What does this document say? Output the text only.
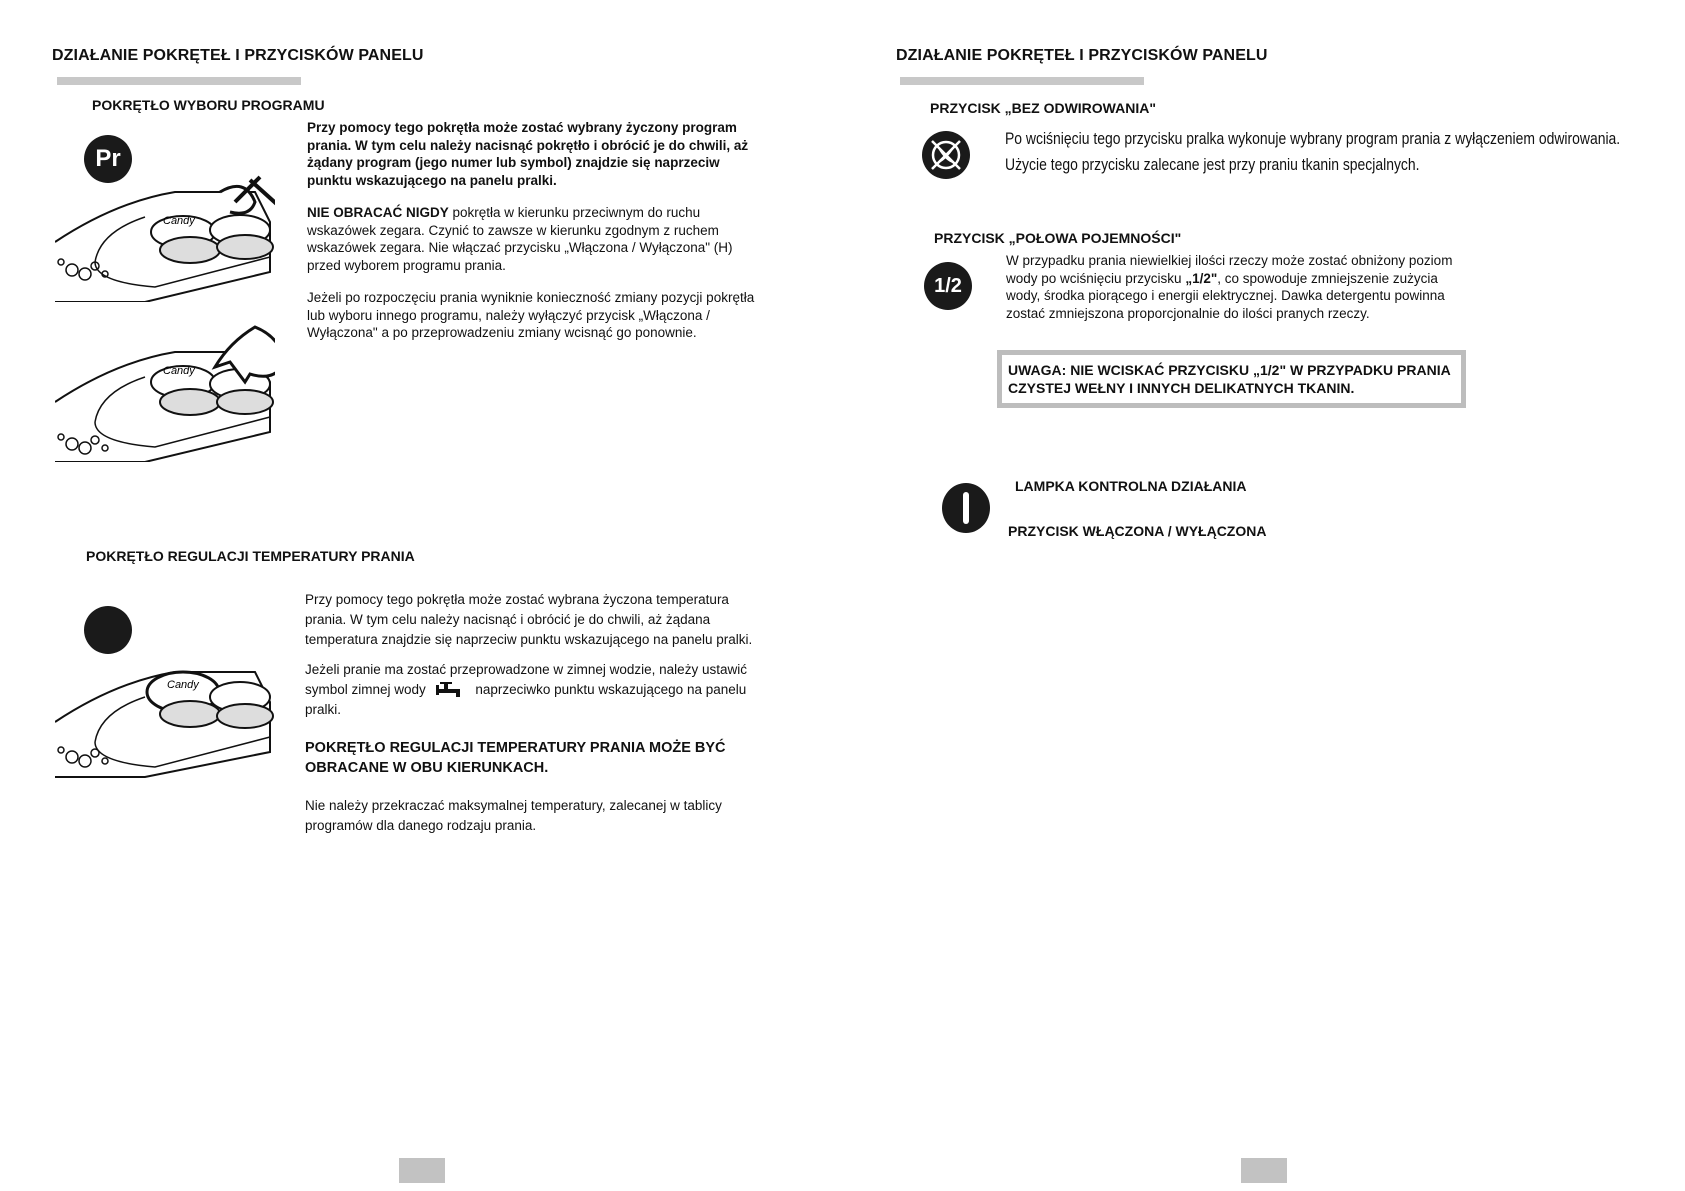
DZIAŁANIE POKRĘTEŁ I PRZYCISKÓW PANELU
POKRĘTŁO WYBORU PROGRAMU
Pr
Candy

Przy pomocy tego pokrętła może zostać wybrany życzony program prania. W tym celu należy nacisnąć pokrętło i obrócić je do chwili, aż żądany program (jego numer lub symbol) znajdzie się naprzeciw punktu wskazującego na panelu pralki.

NIE OBRACAĆ NIGDY pokrętła w kierunku przeciwnym do ruchu wskazówek zegara. Czynić to zawsze w kierunku zgodnym z ruchem wskazówek zegara. Nie włączać przycisku „Włączona / Wyłączona" (H) przed wyborem programu prania.

Jeżeli po rozpoczęciu prania wyniknie konieczność zmiany pozycji pokrętła lub wyboru innego programu, należy wyłączyć przycisk „Włączona / Wyłączona" a po przeprowadzeniu zmiany wcisnąć go ponownie.

Candy
POKRĘTŁO REGULACJI TEMPERATURY PRANIA
Candy

Przy pomocy tego pokrętła może zostać wybrana życzona temperatura prania. W tym celu należy nacisnąć i obrócić je do chwili, aż żądana temperatura znajdzie się naprzeciw punktu wskazującego na panelu pralki.

Jeżeli pranie ma zostać przeprowadzone w zimnej wodzie, należy ustawić symbol zimnej wody	naprzeciwko punktu wskazującego na panelu pralki.

POKRĘTŁO REGULACJI TEMPERATURY PRANIA MOŻE BYĆ OBRACANE W OBU KIERUNKACH.

Nie należy przekraczać maksymalnej temperatury, zalecanej w tablicy programów dla danego rodzaju prania.

DZIAŁANIE POKRĘTEŁ I PRZYCISKÓW PANELU
PRZYCISK „BEZ ODWIROWANIA"
Po wciśnięciu tego przycisku pralka wykonuje wybrany program prania z wyłączeniem odwirowania.
Użycie tego przycisku zalecane jest przy praniu tkanin specjalnych.
PRZYCISK „POŁOWA POJEMNOŚCI"
1/2
W przypadku prania niewielkiej ilości rzeczy może zostać obniżony poziom wody po wciśnięciu przycisku „1/2", co spowoduje zmniejszenie zużycia wody, środka piorącego i energii elektrycznej. Dawka detergentu powinna zostać zmniejszona proporcjonalnie do ilości pranych rzeczy.
UWAGA: NIE WCISKAĆ PRZYCISKU „1/2" W PRZYPADKU PRANIA CZYSTEJ WEŁNY I INNYCH DELIKATNYCH TKANIN.
LAMPKA KONTROLNA DZIAŁANIA
PRZYCISK WŁĄCZONA / WYŁĄCZONA
